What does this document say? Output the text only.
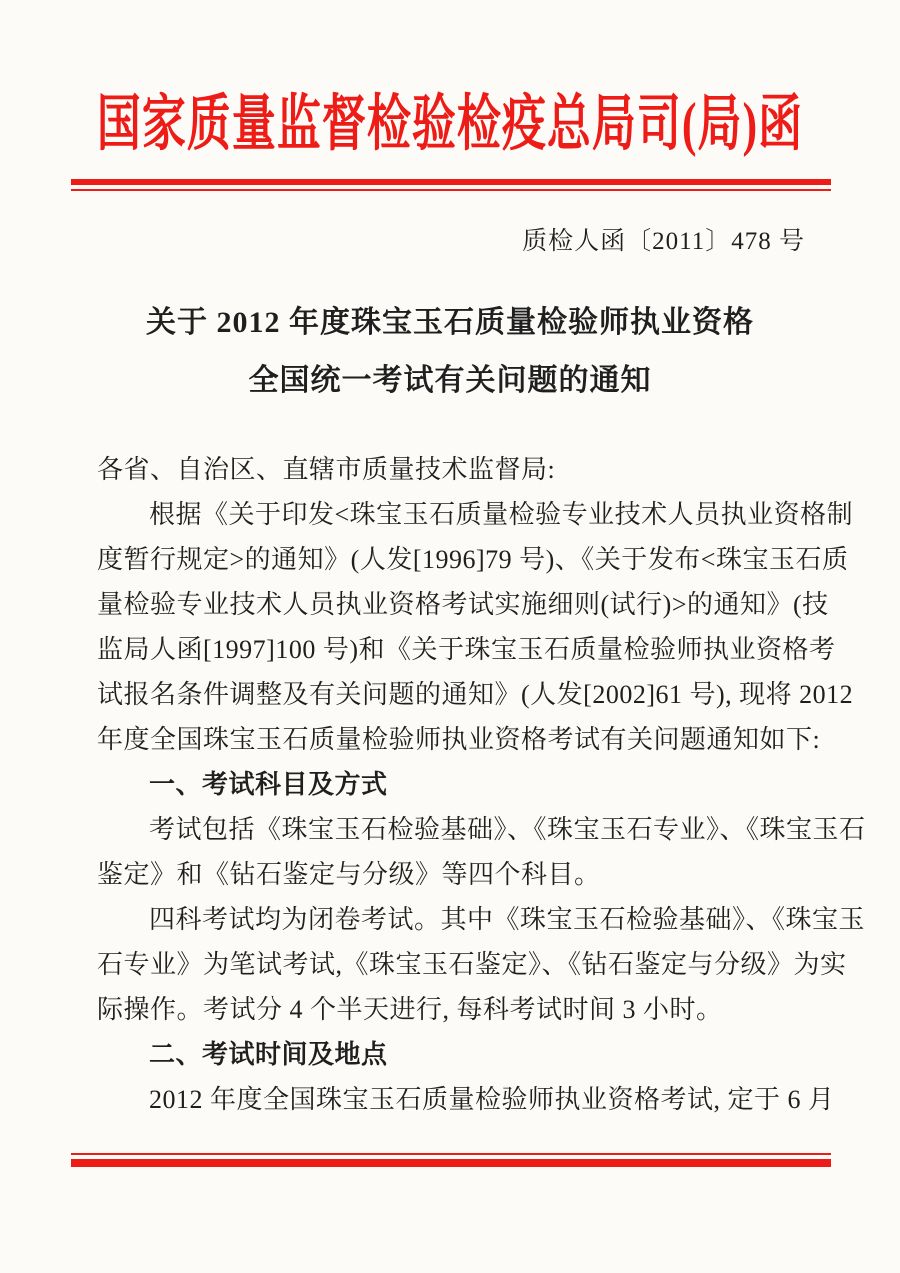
国家质量监督检验检疫总局司(局)函
质检人函〔2011〕478 号
关于 2012 年度珠宝玉石质量检验师执业资格
全国统一考试有关问题的通知
各省、自治区、直辖市质量技术监督局:
根据《关于印发<珠宝玉石质量检验专业技术人员执业资格制
度暂行规定>的通知》(人发[1996]79 号)、《关于发布<珠宝玉石质
量检验专业技术人员执业资格考试实施细则(试行)>的通知》(技
监局人函[1997]100 号)和《关于珠宝玉石质量检验师执业资格考
试报名条件调整及有关问题的通知》(人发[2002]61 号), 现将 2012
年度全国珠宝玉石质量检验师执业资格考试有关问题通知如下:
一、考试科目及方式
考试包括《珠宝玉石检验基础》、《珠宝玉石专业》、《珠宝玉石
鉴定》和《钻石鉴定与分级》等四个科目。
四科考试均为闭卷考试。其中《珠宝玉石检验基础》、《珠宝玉
石专业》为笔试考试,《珠宝玉石鉴定》、《钻石鉴定与分级》为实
际操作。考试分 4 个半天进行, 每科考试时间 3 小时。
二、考试时间及地点
2012 年度全国珠宝玉石质量检验师执业资格考试, 定于 6 月
